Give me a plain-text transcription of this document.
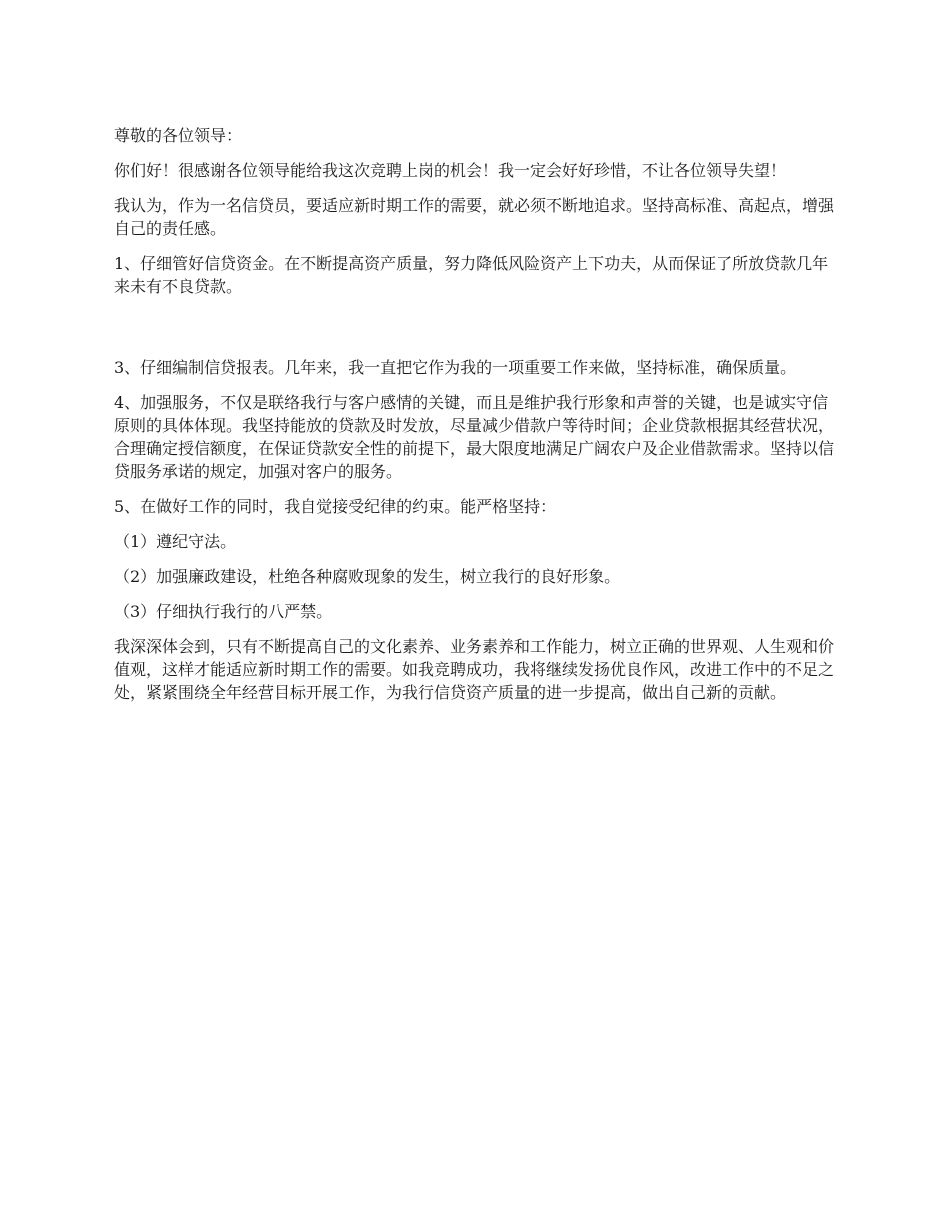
尊敬的各位领导：

你们好！很感谢各位领导能给我这次竞聘上岗的机会！我一定会好好珍惜，不让各位领导失望！

我认为，作为一名信贷员，要适应新时期工作的需要，就必须不断地追求。坚持高标准、高起点，增强自己的责任感。

1、仔细管好信贷资金。在不断提高资产质量，努力降低风险资产上下功夫，从而保证了所放贷款几年来未有不良贷款。

3、仔细编制信贷报表。几年来，我一直把它作为我的一项重要工作来做，坚持标准，确保质量。

4、加强服务，不仅是联络我行与客户感情的关键，而且是维护我行形象和声誉的关键，也是诚实守信原则的具体体现。我坚持能放的贷款及时发放，尽量减少借款户等待时间；企业贷款根据其经营状况，合理确定授信额度，在保证贷款安全性的前提下，最大限度地满足广阔农户及企业借款需求。坚持以信贷服务承诺的规定，加强对客户的服务。

5、在做好工作的同时，我自觉接受纪律的约束。能严格坚持：

（1）遵纪守法。

（2）加强廉政建设，杜绝各种腐败现象的发生，树立我行的良好形象。

（3）仔细执行我行的八严禁。

我深深体会到，只有不断提高自己的文化素养、业务素养和工作能力，树立正确的世界观、人生观和价值观，这样才能适应新时期工作的需要。如我竞聘成功，我将继续发扬优良作风，改进工作中的不足之处，紧紧围绕全年经营目标开展工作，为我行信贷资产质量的进一步提高，做出自己新的贡献。
